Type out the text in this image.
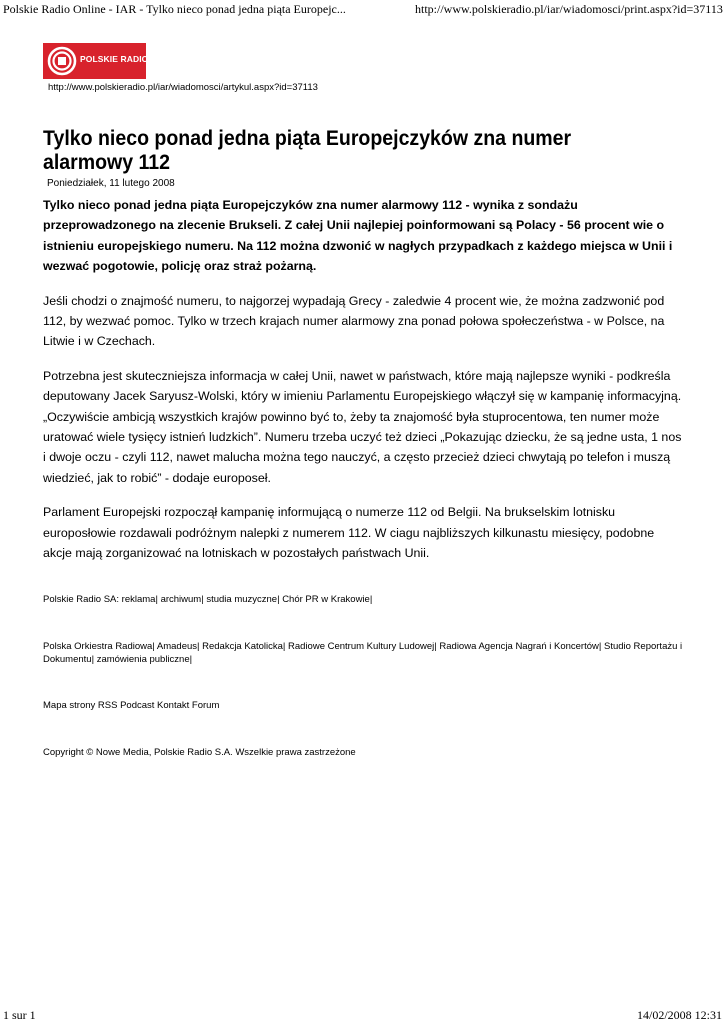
Polskie Radio Online - IAR - Tylko nieco ponad jedna piąta Europejc...	http://www.polskieradio.pl/iar/wiadomosci/print.aspx?id=37113
POLSKIE RADIO
http://www.polskieradio.pl/iar/wiadomosci/artykul.aspx?id=37113
Tylko nieco ponad jedna piąta Europejczyków zna numer alarmowy 112
Poniedziałek, 11 lutego 2008

Tylko nieco ponad jedna piąta Europejczyków zna numer alarmowy 112 - wynika z sondażu przeprowadzonego na zlecenie Brukseli. Z całej Unii najlepiej poinformowani są Polacy - 56 procent wie o istnieniu europejskiego numeru. Na 112 można dzwonić w nagłych przypadkach z każdego miejsca w Unii i wezwać pogotowie, policję oraz straż pożarną.

Jeśli chodzi o znajmość numeru, to najgorzej wypadają Grecy - zaledwie 4 procent wie, że można zadzwonić pod 112, by wezwać pomoc. Tylko w trzech krajach numer alarmowy zna ponad połowa społeczeństwa - w Polsce, na Litwie i w Czechach.

Potrzebna jest skuteczniejsza informacja w całej Unii, nawet w państwach, które mają najlepsze wyniki - podkreśla deputowany Jacek Saryusz-Wolski, który w imieniu Parlamentu Europejskiego włączył się w kampanię informacyjną. „Oczywiście ambicją wszystkich krajów powinno być to, żeby ta znajomość była stuprocentowa, ten numer może uratować wiele tysięcy istnień ludzkich”. Numeru trzeba uczyć też dzieci „Pokazując dziecku, że są jedne usta, 1 nos i dwoje oczu - czyli 112, nawet malucha można tego nauczyć, a często przecież dzieci chwytają po telefon i muszą wiedzieć, jak to robić” - dodaje europoseł.

Parlament Europejski rozpoczął kampanię informującą o numerze 112 od Belgii. Na brukselskim lotnisku europosłowie rozdawali podróżnym nalepki z numerem 112. W ciagu najbliższych kilkunastu miesięcy, podobne akcje mają zorganizować na lotniskach w pozostałych państwach Unii.

Polskie Radio SA: reklama| archiwum| studia muzyczne| Chór PR w Krakowie|
Polska Orkiestra Radiowa| Amadeus| Redakcja Katolicka| Radiowe Centrum Kultury Ludowej| Radiowa Agencja Nagrań i Koncertów| Studio Reportażu i Dokumentu| zamówienia publiczne|
Mapa strony RSS Podcast Kontakt Forum
Copyright © Nowe Media, Polskie Radio S.A. Wszelkie prawa zastrzeżone
1 sur 1	14/02/2008 12:31
